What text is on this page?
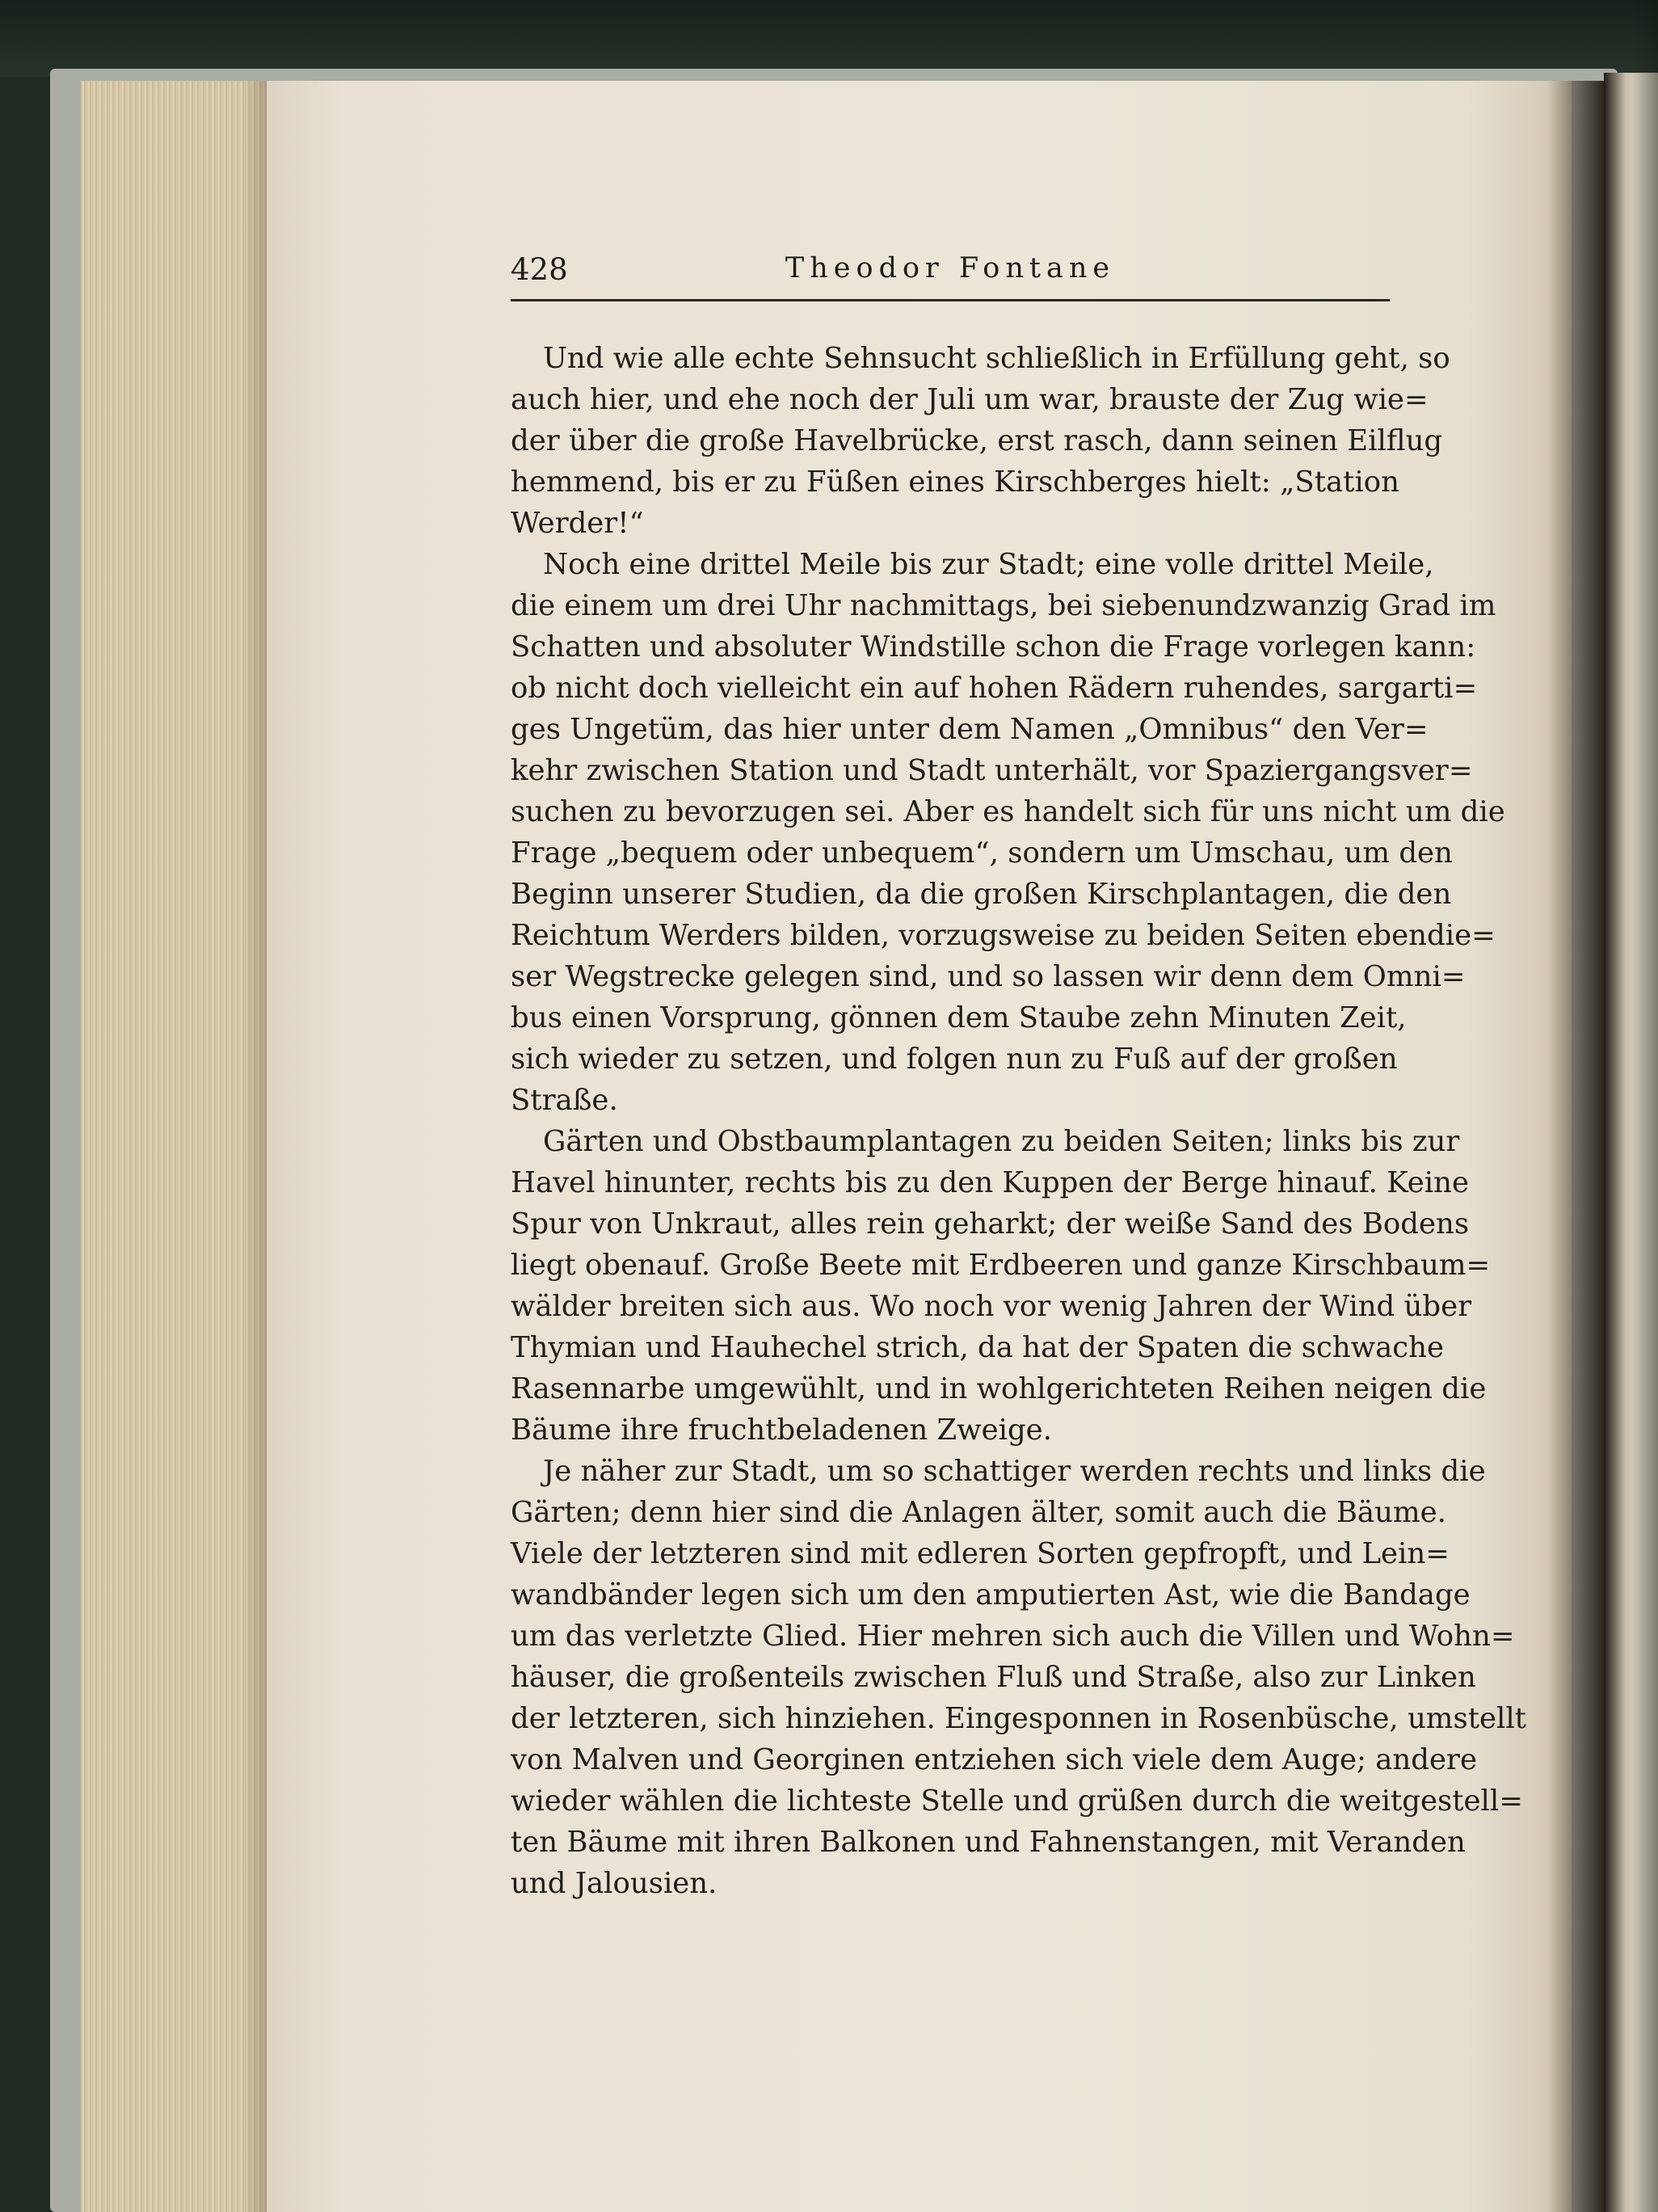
428	Theodor Fontane
Und wie alle echte Sehnsucht schließlich in Erfüllung geht, so
auch hier, und ehe noch der Juli um war, brauste der Zug wie=
der über die große Havelbrücke, erst rasch, dann seinen Eilflug
hemmend, bis er zu Füßen eines Kirschberges hielt: „Station
Werder!“
Noch eine drittel Meile bis zur Stadt; eine volle drittel Meile,
die einem um drei Uhr nachmittags, bei siebenundzwanzig Grad im
Schatten und absoluter Windstille schon die Frage vorlegen kann:
ob nicht doch vielleicht ein auf hohen Rädern ruhendes, sargarti=
ges Ungetüm, das hier unter dem Namen „Omnibus“ den Ver=
kehr zwischen Station und Stadt unterhält, vor Spaziergangsver=
suchen zu bevorzugen sei. Aber es handelt sich für uns nicht um die
Frage „bequem oder unbequem“, sondern um Umschau, um den
Beginn unserer Studien, da die großen Kirschplantagen, die den
Reichtum Werders bilden, vorzugsweise zu beiden Seiten ebendie=
ser Wegstrecke gelegen sind, und so lassen wir denn dem Omni=
bus einen Vorsprung, gönnen dem Staube zehn Minuten Zeit,
sich wieder zu setzen, und folgen nun zu Fuß auf der großen
Straße.
Gärten und Obstbaumplantagen zu beiden Seiten; links bis zur
Havel hinunter, rechts bis zu den Kuppen der Berge hinauf. Keine
Spur von Unkraut, alles rein geharkt; der weiße Sand des Bodens
liegt obenauf. Große Beete mit Erdbeeren und ganze Kirschbaum=
wälder breiten sich aus. Wo noch vor wenig Jahren der Wind über
Thymian und Hauhechel strich, da hat der Spaten die schwache
Rasennarbe umgewühlt, und in wohlgerichteten Reihen neigen die
Bäume ihre fruchtbeladenen Zweige.
Je näher zur Stadt, um so schattiger werden rechts und links die
Gärten; denn hier sind die Anlagen älter, somit auch die Bäume.
Viele der letzteren sind mit edleren Sorten gepfropft, und Lein=
wandbänder legen sich um den amputierten Ast, wie die Bandage
um das verletzte Glied. Hier mehren sich auch die Villen und Wohn=
häuser, die großenteils zwischen Fluß und Straße, also zur Linken
der letzteren, sich hinziehen. Eingesponnen in Rosenbüsche, umstellt
von Malven und Georginen entziehen sich viele dem Auge; andere
wieder wählen die lichteste Stelle und grüßen durch die weitgestell=
ten Bäume mit ihren Balkonen und Fahnenstangen, mit Veranden
und Jalousien.
